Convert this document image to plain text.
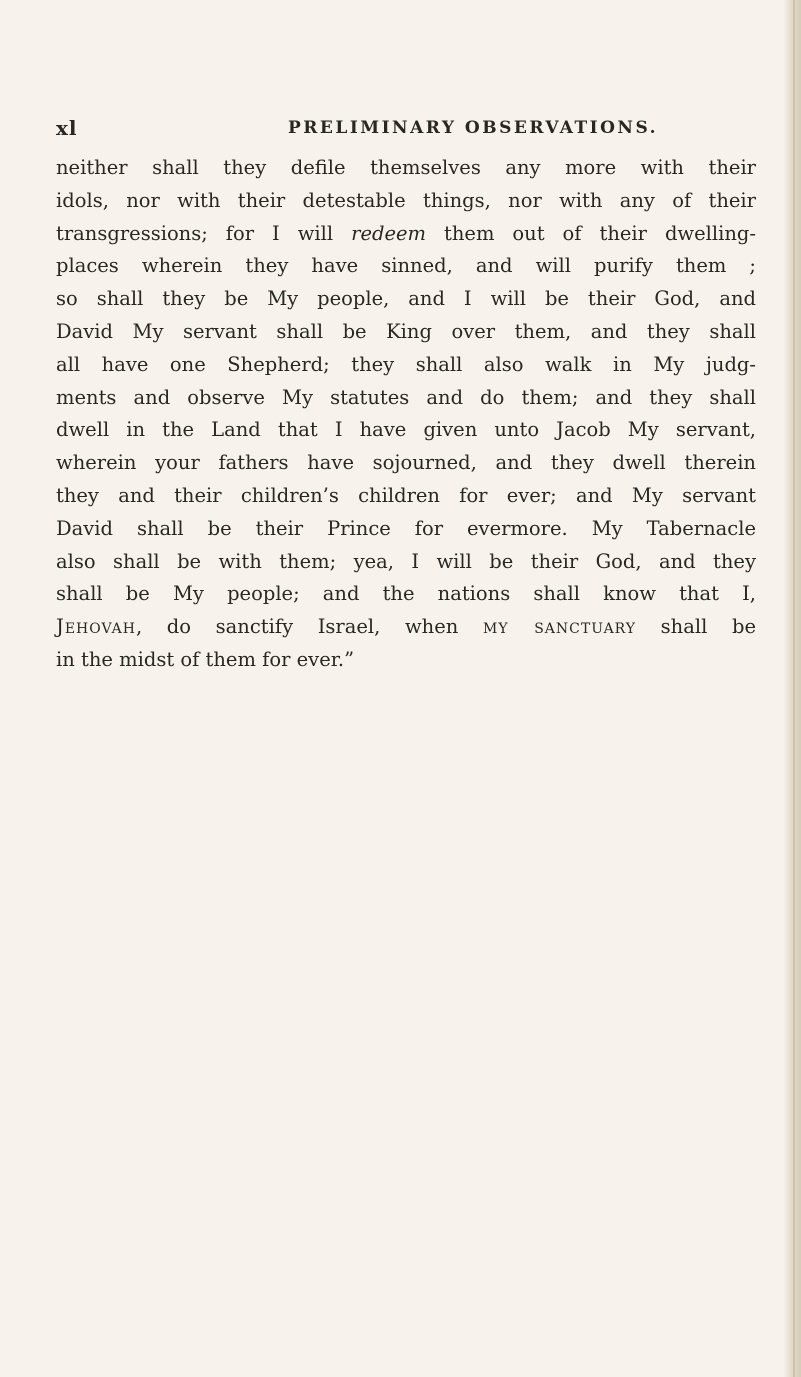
xl	PRELIMINARY OBSERVATIONS.
neither shall they defile themselves any more with their
idols, nor with their detestable things, nor with any of their
transgressions; for I will redeem them out of their dwelling-
places wherein they have sinned, and will purify them ;
so shall they be My people, and I will be their God, and
David My servant shall be King over them, and they shall
all have one Shepherd; they shall also walk in My judg-
ments and observe My statutes and do them; and they shall
dwell in the Land that I have given unto Jacob My servant,
wherein your fathers have sojourned, and they dwell therein
they and their children’s children for ever; and My servant
David shall be their Prince for evermore. My Tabernacle
also shall be with them; yea, I will be their God, and they
shall be My people; and the nations shall know that I,
Jehovah, do sanctify Israel, when my sanctuary shall be
in the midst of them for ever.”
